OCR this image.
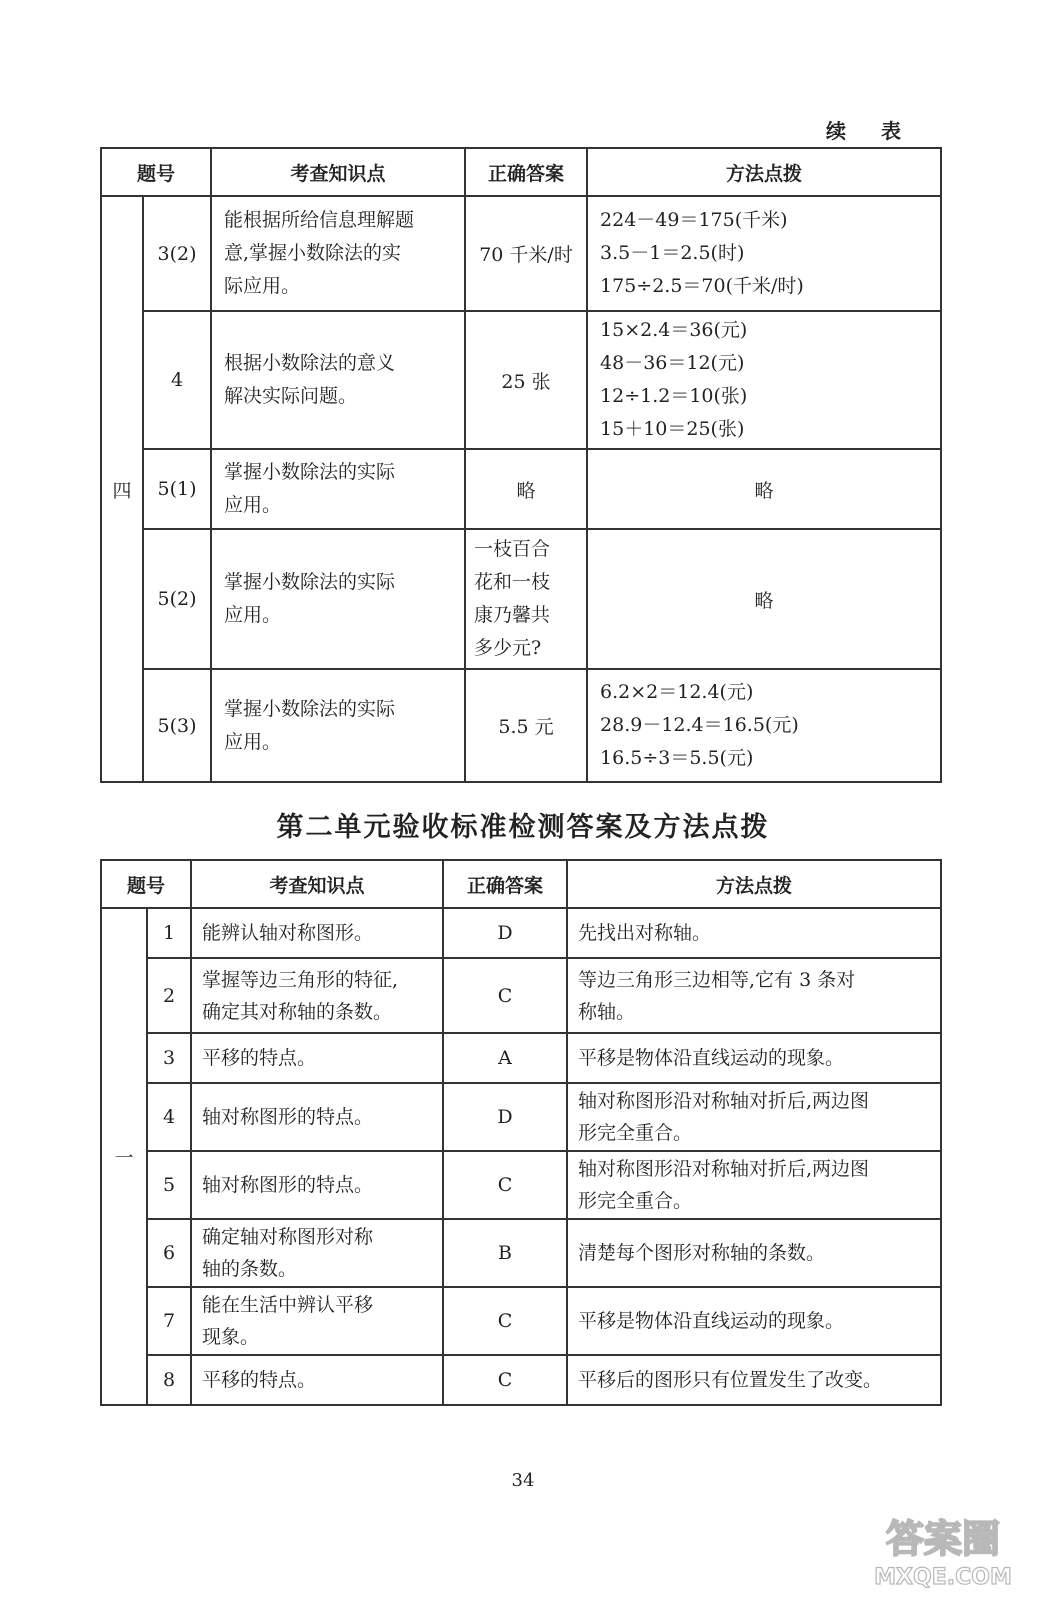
续 表
题号		考查知识点	正确答案	方法点拨
四	3(2)	能根据所给信息理解题
意,掌握小数除法的实
际应用。	70 千米/时	224－49＝175(千米)
3.5－1＝2.5(时)
175÷2.5＝70(千米/时)

	4	根据小数除法的意义
解决实际问题。	25 张	15×2.4＝36(元)
48－36＝12(元)
12÷1.2＝10(张)
15＋10＝25(张)

	5(1)	掌握小数除法的实际
应用。	略	略
	5(2)	掌握小数除法的实际
应用。	一枝百合
花和一枝
康乃馨共
多少元?	略
	5(3)	掌握小数除法的实际
应用。	5.5 元	6.2×2＝12.4(元)
28.9－12.4＝16.5(元)
16.5÷3＝5.5(元)
第二单元验收标准检测答案及方法点拨
题号		考查知识点	正确答案	方法点拨
一	1	能辨认轴对称图形。	D	先找出对称轴。

	2	掌握等边三角形的特征,
确定其对称轴的条数。	C	等边三角形三边相等,它有 3 条对
称轴。

	3	平移的特点。	A	平移是物体沿直线运动的现象。

	4	轴对称图形的特点。	D	轴对称图形沿对称轴对折后,两边图
形完全重合。

	5	轴对称图形的特点。	C	轴对称图形沿对称轴对折后,两边图
形完全重合。

	6	确定轴对称图形对称
轴的条数。	B	清楚每个图形对称轴的条数。

	7	能在生活中辨认平移
现象。	C	平移是物体沿直线运动的现象。

	8	平移的特点。	C	平移后的图形只有位置发生了改变。
34
答案圈
MXQE.COM
